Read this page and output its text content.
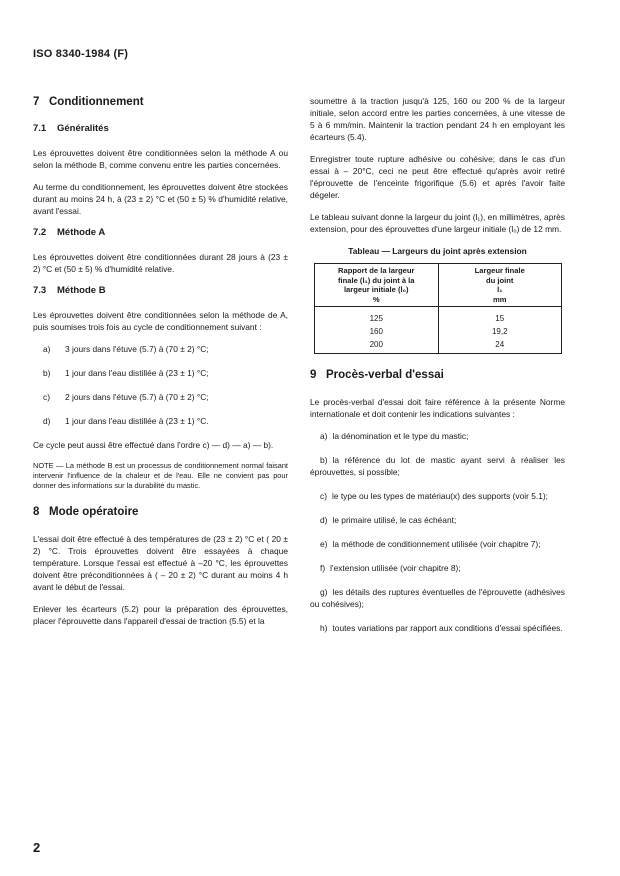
ISO 8340-1984 (F)
7 Conditionnement
7.1 Généralités

Les éprouvettes doivent être conditionnées selon la méthode A ou selon la méthode B, comme convenu entre les parties concernées.

Au terme du conditionnement, les éprouvettes doivent être stockées durant au moins 24 h, à (23 ± 2) °C et (50 ± 5) % d'humidité relative, avant l'essai.

7.2 Méthode A

Les éprouvettes doivent être conditionnées durant 28 jours à (23 ± 2) °C et (50 ± 5) % d'humidité relative.

7.3 Méthode B

Les éprouvettes doivent être conditionnées selon la méthode de A, puis soumises trois fois au cycle de conditionnement suivant :

a)	3 jours dans l'étuve (5.7) à (70 ± 2) °C;
b)	1 jour dans l'eau distillée à (23 ± 1) °C;
c)	2 jours dans l'étuve (5.7) à (70 ± 2) °C;
d)	1 jour dans l'eau distillée à (23 ± 1) °C.

Ce cycle peut aussi être effectué dans l'ordre c) — d) — a) — b).

NOTE — La méthode B est un processus de conditionnement normal faisant intervenir l'influence de la chaleur et de l'eau. Elle ne convient pas pour donner des informations sur la durabilité du mastic.
8 Mode opératoire

L'essai doit être effectué à des températures de (23 ± 2) °C et ( 20 ± 2) °C. Trois éprouvettes doivent être essayées à chaque température. Lorsque l'essai est effectué à –20 °C, les éprouvettes doivent être préconditionnées à ( – 20 ± 2) °C durant au moins 4 h avant le début de l'essai.

Enlever les écarteurs (5.2) pour la préparation des éprouvettes, placer l'éprouvette dans l'appareil d'essai de traction (5.5) et la

soumettre à la traction jusqu'à 125, 160 ou 200 % de la largeur initiale, selon accord entre les parties concernées, à une vitesse de 5 à 6 mm/min. Maintenir la traction pendant 24 h en employant les écarteurs (5.4).

Enregistrer toute rupture adhésive ou cohésive; dans le cas d'un essai à – 20°C, ceci ne peut être effectué qu'après avoir retiré l'éprouvette de l'enceinte frigorifique (5.6) et après l'avoir faite dégeler.

Le tableau suivant donne la largeur du joint (l₁), en millimètres, après extension, pour des éprouvettes d'une largeur initiale (l₀) de 12 mm.

Tableau — Largeurs du joint après extension
Rapport de la largeur
finale (l₁) du joint à la
largeur initiale (l₀)
%	Largeur finale
du joint
l₁
mm

125	15
160	19,2
200	24
9 Procès-verbal d'essai

Le procès-verbal d'essai doit faire référence à la présente Norme internationale et doit contenir les indications suivantes :

a) la dénomination et le type du mastic;
b) la référence du lot de mastic ayant servi à réaliser les éprouvettes, si possible;
c) le type ou les types de matériau(x) des supports (voir 5.1);
d) le primaire utilisé, le cas échéant;
e) la méthode de conditionnement utilisée (voir chapitre 7);
f) l'extension utilisée (voir chapitre 8);
g) les détails des ruptures éventuelles de l'éprouvette (adhésives ou cohésives);
h) toutes variations par rapport aux conditions d'essai spécifiées.
2
